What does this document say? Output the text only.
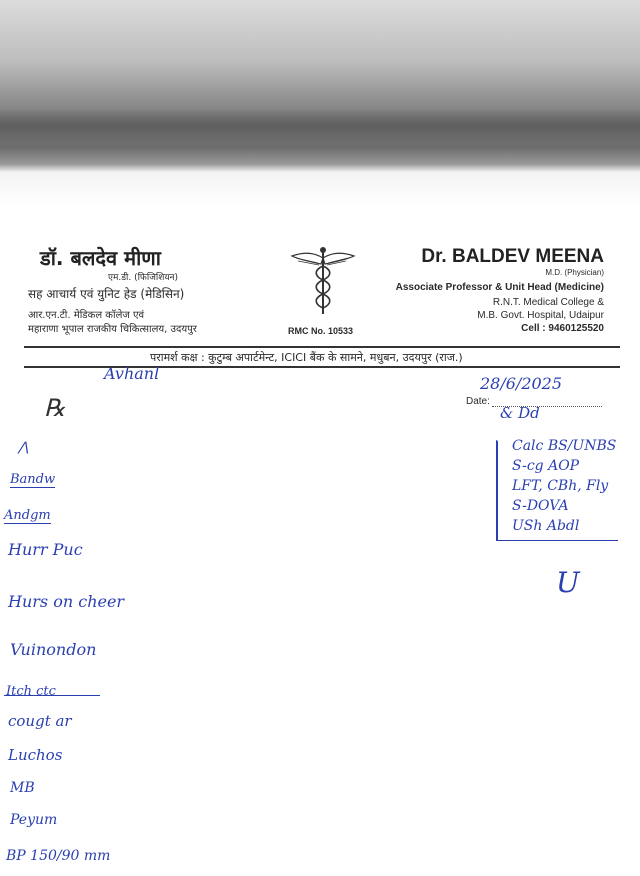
डॉ. बलदेव मीणा
एम.डी. (फिजिशियन)
सह आचार्य एवं युनिट हेड (मेडिसिन)
आर.एन.टी. मेडिकल कॉलेज एवं
महाराणा भूपाल राजकीय चिकित्सालय, उदयपुर	RMC No. 10533
Dr. BALDEV MEENA
M.D. (Physician)
Associate Professor & Unit Head (Medicine)
R.N.T. Medical College &
M.B. Govt. Hospital, Udaipur
Cell : 9460125520
परामर्श कक्ष : कुटुम्ब अपार्टमेन्ट, ICICI बैंक के सामने, मधुबन, उदयपुर (राज.)
Date:
28/6/2025
Avhanl
℞
⋀
Bandw
Andgm
Hurr Puc
Hurs on cheer
Vuinondon
Itch ctc
cougt ar
Luchos
MB
Peyum
BP 150/90 mm
& Dd
Calc BS/UNBS
S-cg AOP
LFT, CBh, Fly
S-DOVA
USh Abdl
U
